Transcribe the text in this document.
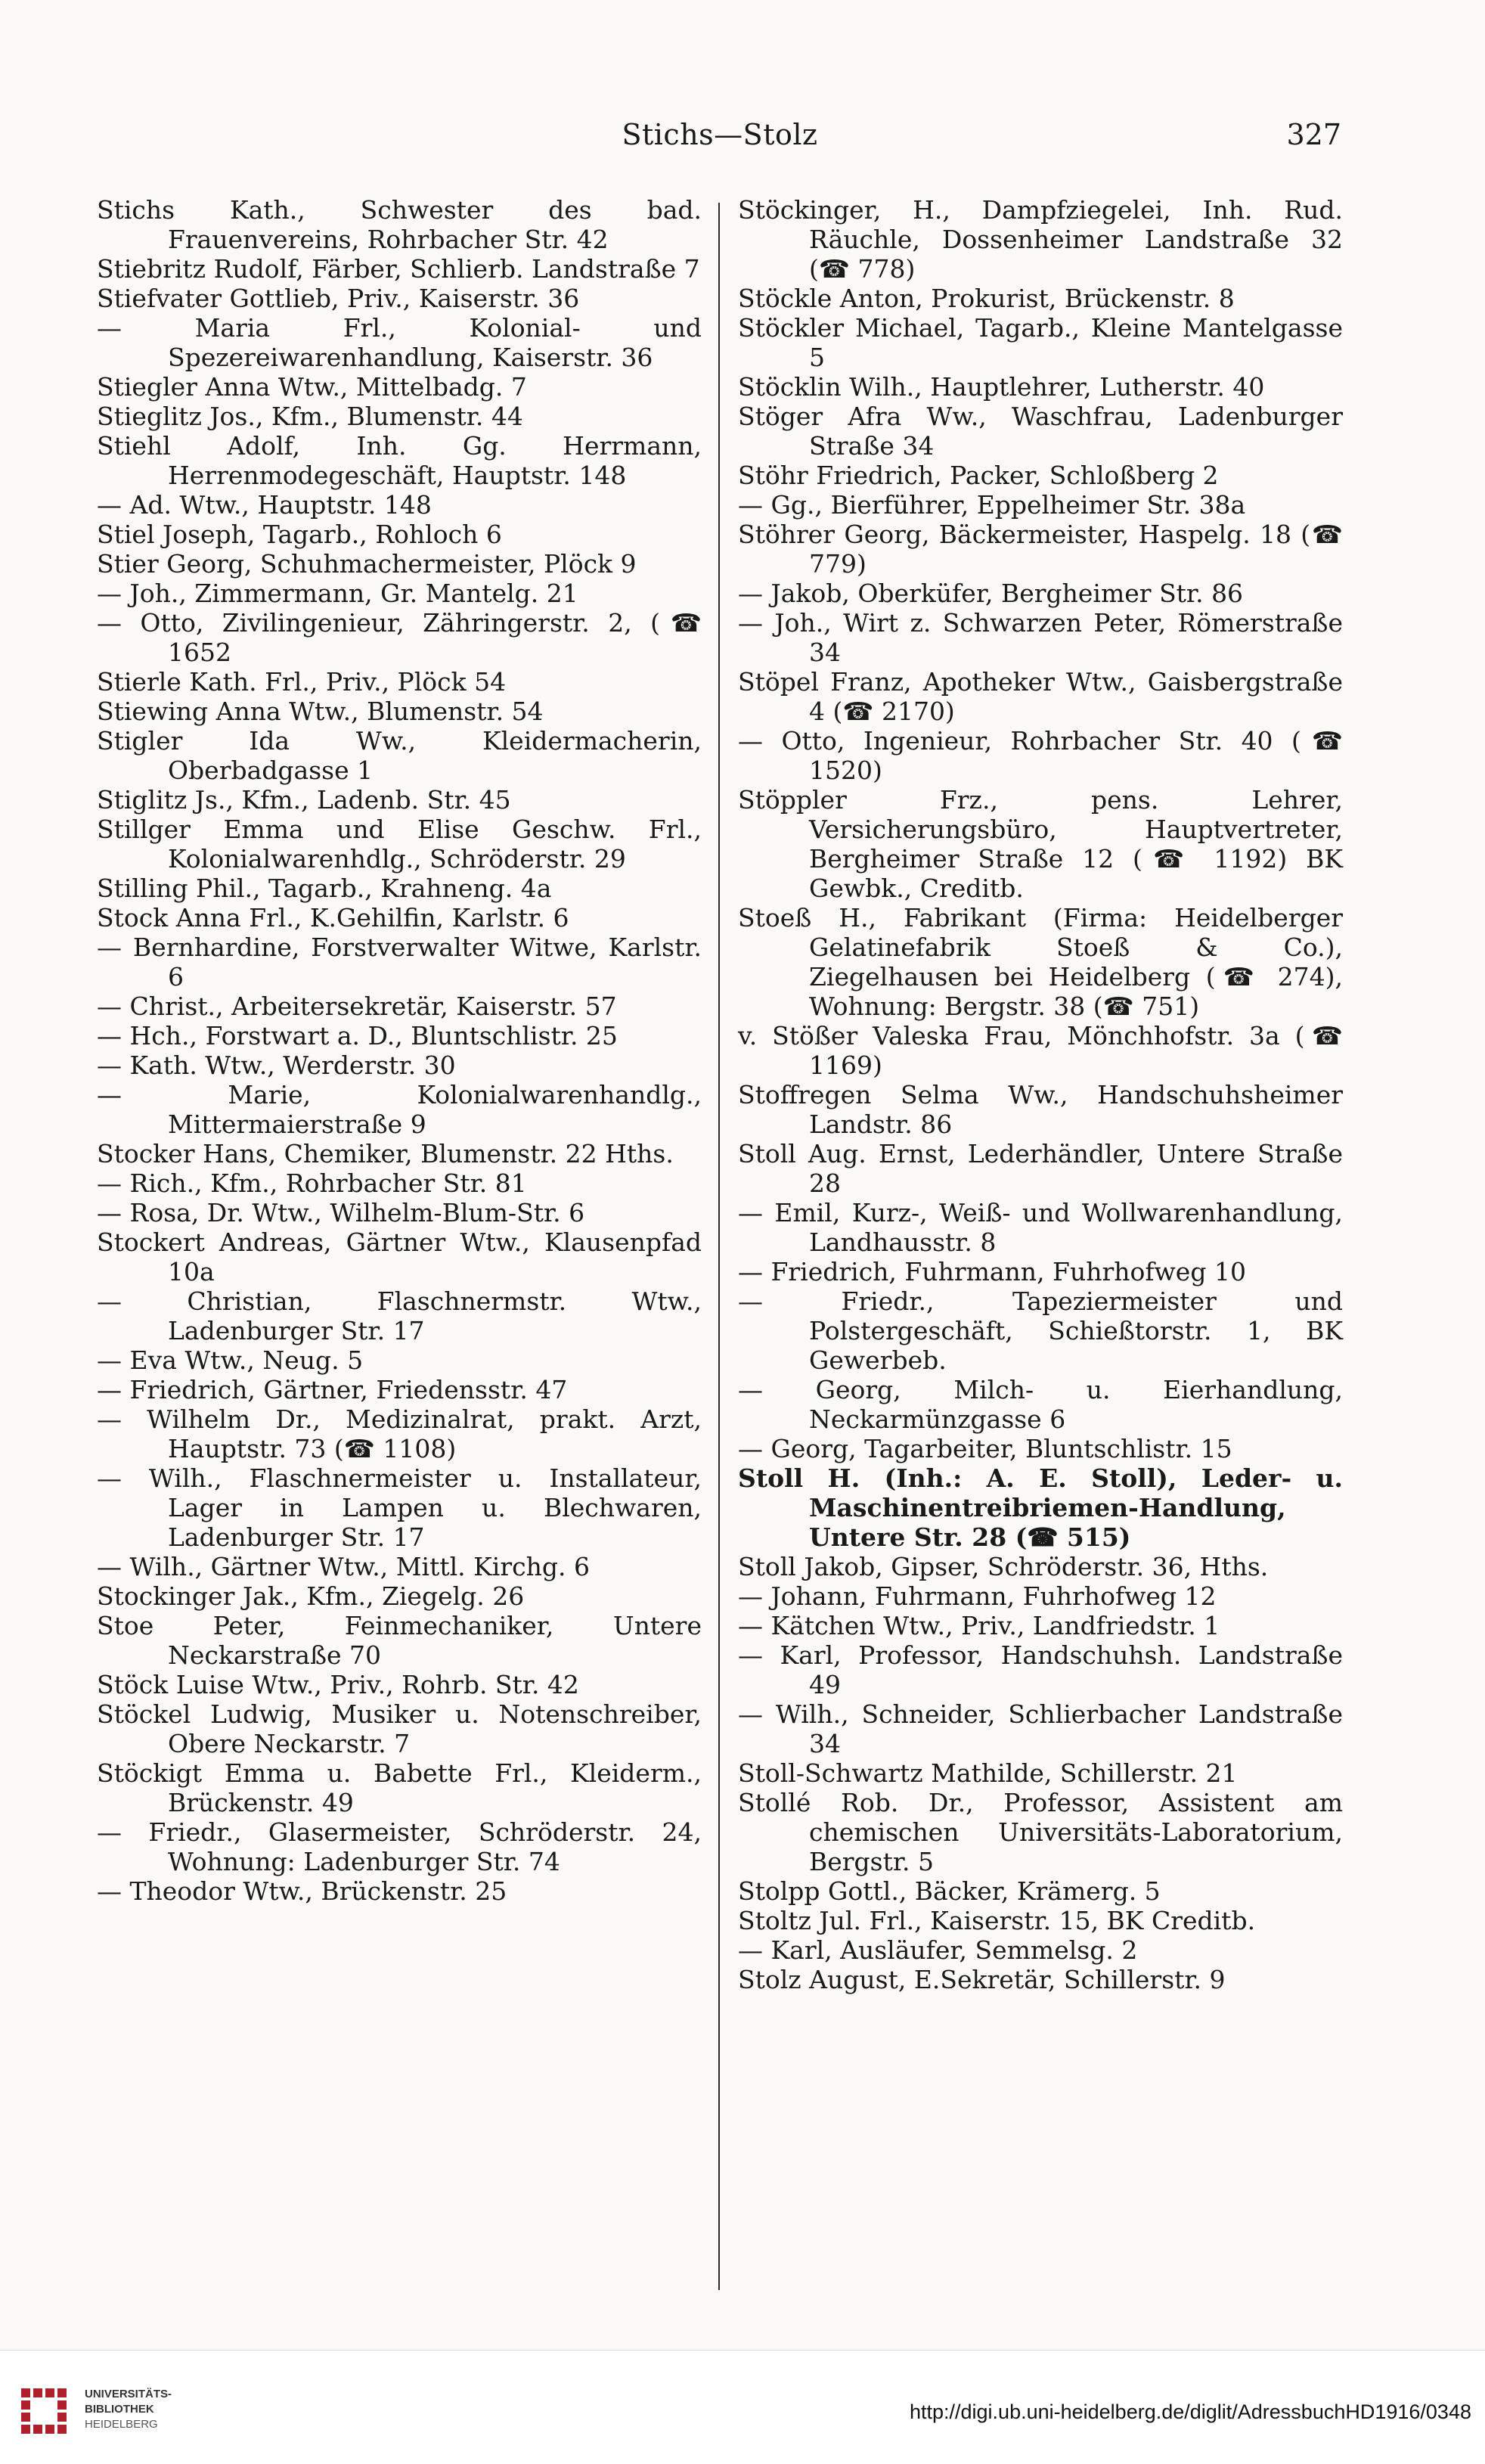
Stichs—Stolz	327

Stichs Kath., Schwester des bad. Frauenvereins, Rohrbacher Str. 42

Stiebritz Rudolf, Färber, Schlierb. Landstraße 7

Stiefvater Gottlieb, Priv., Kaiserstr. 36

— Maria Frl., Kolonial- und Spezereiwarenhandlung, Kaiserstr. 36

Stiegler Anna Wtw., Mittelbadg. 7

Stieglitz Jos., Kfm., Blumenstr. 44

Stiehl Adolf, Inh. Gg. Herrmann, Herrenmodegeschäft, Hauptstr. 148

— Ad. Wtw., Hauptstr. 148

Stiel Joseph, Tagarb., Rohloch 6

Stier Georg, Schuhmachermeister, Plöck 9

— Joh., Zimmermann, Gr. Mantelg. 21

— Otto, Zivilingenieur, Zähringerstr. 2, (☎ 1652

Stierle Kath. Frl., Priv., Plöck 54

Stiewing Anna Wtw., Blumenstr. 54

Stigler Ida Ww., Kleidermacherin, Oberbadgasse 1

Stiglitz Js., Kfm., Ladenb. Str. 45

Stillger Emma und Elise Geschw. Frl., Kolonialwarenhdlg., Schröderstr. 29

Stilling Phil., Tagarb., Krahneng. 4a

Stock Anna Frl., K.Gehilfin, Karlstr. 6

— Bernhardine, Forstverwalter Witwe, Karlstr. 6

— Christ., Arbeitersekretär, Kaiserstr. 57

— Hch., Forstwart a. D., Bluntschlistr. 25

— Kath. Wtw., Werderstr. 30

— Marie, Kolonialwarenhandlg., Mittermaierstraße 9

Stocker Hans, Chemiker, Blumenstr. 22 Hths.

— Rich., Kfm., Rohrbacher Str. 81

— Rosa, Dr. Wtw., Wilhelm-Blum-Str. 6

Stockert Andreas, Gärtner Wtw., Klausenpfad 10a

— Christian, Flaschnermstr. Wtw., Ladenburger Str. 17

— Eva Wtw., Neug. 5

— Friedrich, Gärtner, Friedensstr. 47

— Wilhelm Dr., Medizinalrat, prakt. Arzt, Hauptstr. 73 (☎ 1108)

— Wilh., Flaschnermeister u. Installateur, Lager in Lampen u. Blechwaren, Ladenburger Str. 17

— Wilh., Gärtner Wtw., Mittl. Kirchg. 6

Stockinger Jak., Kfm., Ziegelg. 26

Stoe Peter, Feinmechaniker, Untere Neckarstraße 70

Stöck Luise Wtw., Priv., Rohrb. Str. 42

Stöckel Ludwig, Musiker u. Notenschreiber, Obere Neckarstr. 7

Stöckigt Emma u. Babette Frl., Kleiderm., Brückenstr. 49

— Friedr., Glasermeister, Schröderstr. 24, Wohnung: Ladenburger Str. 74

— Theodor Wtw., Brückenstr. 25

Stöckinger, H., Dampfziegelei, Inh. Rud. Räuchle, Dossenheimer Landstraße 32 (☎ 778)

Stöckle Anton, Prokurist, Brückenstr. 8

Stöckler Michael, Tagarb., Kleine Mantelgasse 5

Stöcklin Wilh., Hauptlehrer, Lutherstr. 40

Stöger Afra Ww., Waschfrau, Ladenburger Straße 34

Stöhr Friedrich, Packer, Schloßberg 2

— Gg., Bierführer, Eppelheimer Str. 38a

Stöhrer Georg, Bäckermeister, Haspelg. 18 (☎ 779)

— Jakob, Oberküfer, Bergheimer Str. 86

— Joh., Wirt z. Schwarzen Peter, Römerstraße 34

Stöpel Franz, Apotheker Wtw., Gaisbergstraße 4 (☎ 2170)

— Otto, Ingenieur, Rohrbacher Str. 40 (☎ 1520)

Stöppler Frz., pens. Lehrer, Versicherungsbüro, Hauptvertreter, Bergheimer Straße 12 (☎ 1192) BK Gewbk., Creditb.

Stoeß H., Fabrikant (Firma: Heidelberger Gelatinefabrik Stoeß & Co.), Ziegelhausen bei Heidelberg (☎ 274), Wohnung: Bergstr. 38 (☎ 751)

v. Stößer Valeska Frau, Mönchhofstr. 3a (☎ 1169)

Stoffregen Selma Ww., Handschuhsheimer Landstr. 86

Stoll Aug. Ernst, Lederhändler, Untere Straße 28

— Emil, Kurz-, Weiß- und Wollwarenhandlung, Landhausstr. 8

— Friedrich, Fuhrmann, Fuhrhofweg 10

— Friedr., Tapeziermeister und Polstergeschäft, Schießtorstr. 1, BK Gewerbeb.

— Georg, Milch- u. Eierhandlung, Neckarmünzgasse 6

— Georg, Tagarbeiter, Bluntschlistr. 15

Stoll H. (Inh.: A. E. Stoll), Leder- u. Maschinentreibriemen-Handlung, Untere Str. 28 (☎ 515)

Stoll Jakob, Gipser, Schröderstr. 36, Hths.

— Johann, Fuhrmann, Fuhrhofweg 12

— Kätchen Wtw., Priv., Landfriedstr. 1

— Karl, Professor, Handschuhsh. Landstraße 49

— Wilh., Schneider, Schlierbacher Landstraße 34

Stoll-Schwartz Mathilde, Schillerstr. 21

Stollé Rob. Dr., Professor, Assistent am chemischen Universitäts-Laboratorium, Bergstr. 5

Stolpp Gottl., Bäcker, Krämerg. 5

Stoltz Jul. Frl., Kaiserstr. 15, BK Creditb.

— Karl, Ausläufer, Semmelsg. 2

Stolz August, E.Sekretär, Schillerstr. 9

UNIVERSITÄTS-
BIBLIOTHEK
HEIDELBERG
http://digi.ub.uni-heidelberg.de/diglit/AdressbuchHD1916/0348
